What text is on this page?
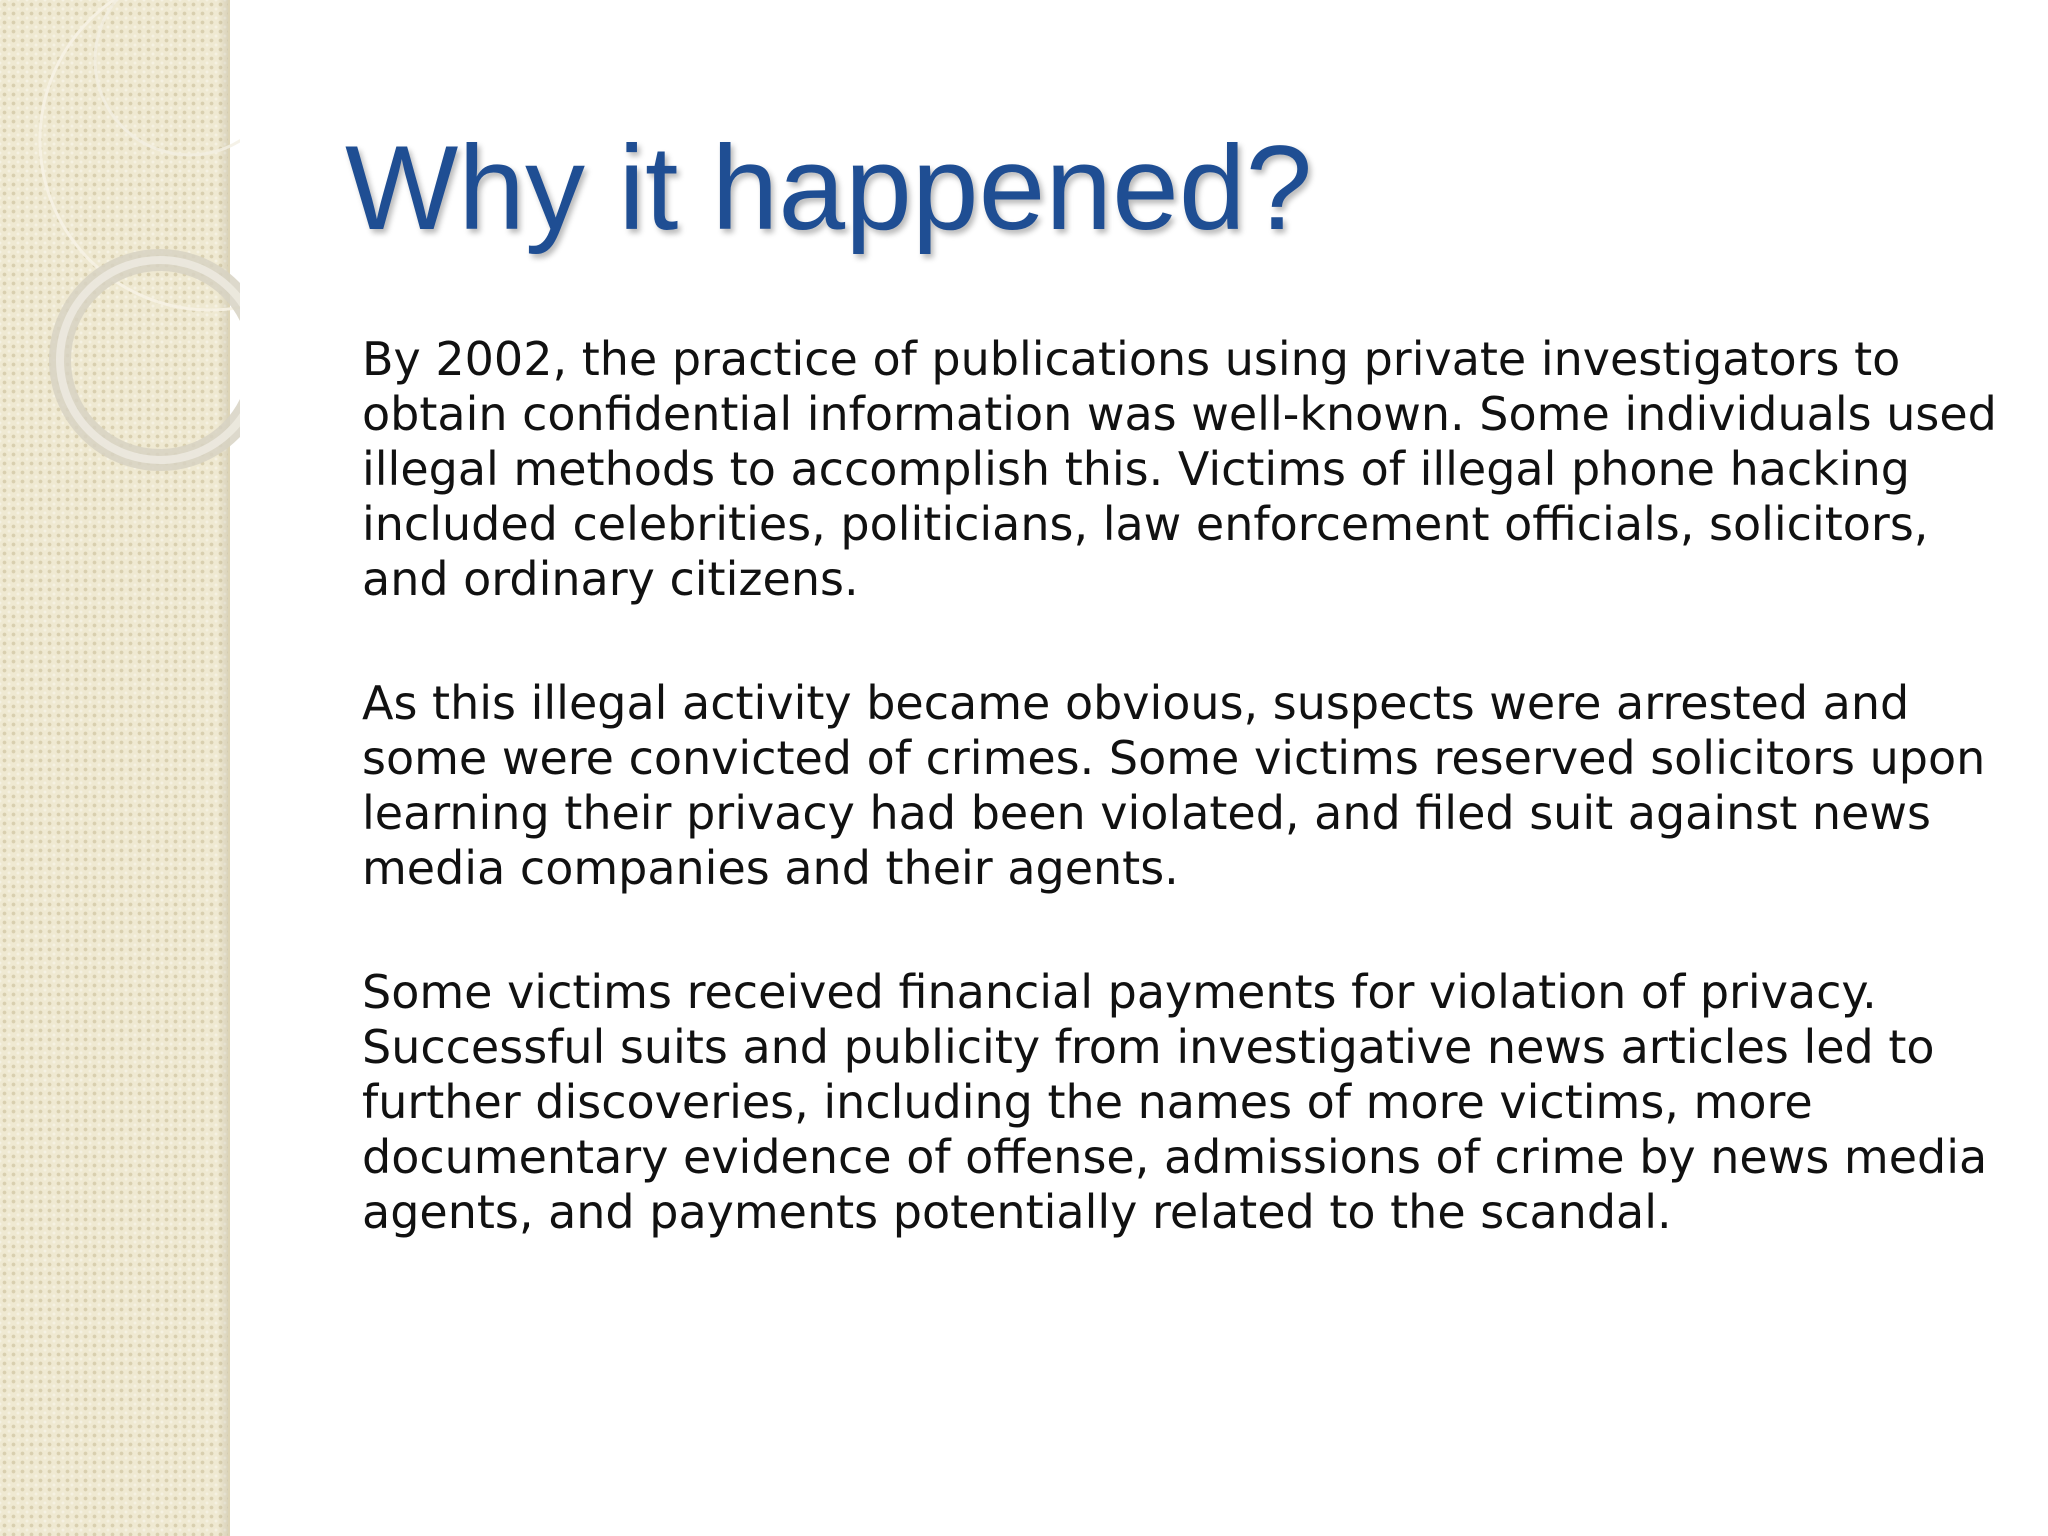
Why it happened?

By 2002, the practice of publications using private investigators to obtain confidential information was well-known. Some individuals used illegal methods to accomplish this. Victims of illegal phone hacking included celebrities, politicians, law enforcement officials, solicitors, and ordinary citizens.

As this illegal activity became obvious, suspects were arrested and some were convicted of crimes. Some victims reserved solicitors upon learning their privacy had been violated, and filed suit against news media companies and their agents.

Some victims received financial payments for violation of privacy. Successful suits and publicity from investigative news articles led to further discoveries, including the names of more victims, more documentary evidence of offense, admissions of crime by news media agents, and payments potentially related to the scandal.
